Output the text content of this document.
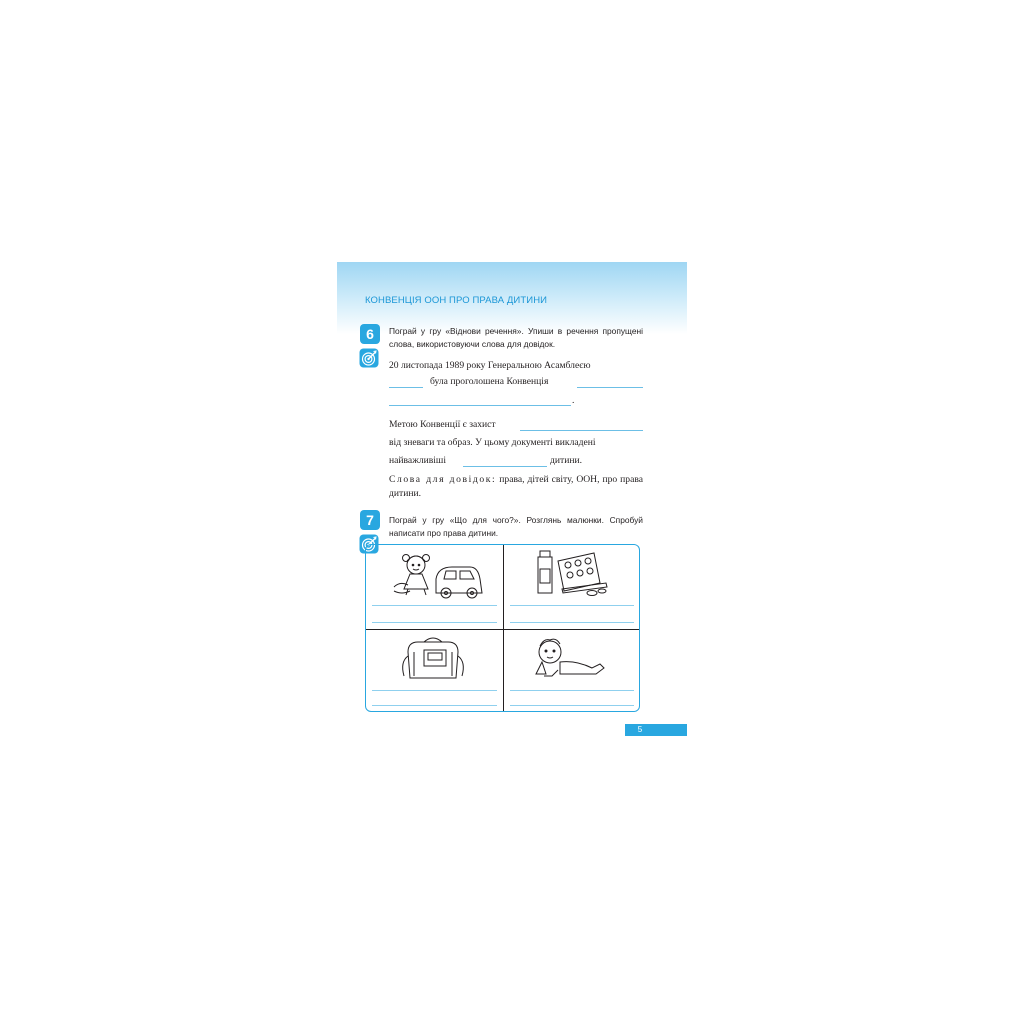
КОНВЕНЦІЯ ООН ПРО ПРАВА ДИТИНИ
6	Пограй у гру «Віднови речення». Упиши в речення пропущені слова, використовуючи слова для довідок.

20 листопада 1989 року Генеральною Асамблеєю

була проголошена Конвенція

.

Метою Конвенції є захист

від зневаги та образ. У цьому документі викладені

найважливіші	дитини.

Слова для довідок: права, дітей світу, ООН, про права дитини.

7	Пограй у гру «Що для чого?». Розглянь малюнки. Спробуй написати про права дитини.

5
